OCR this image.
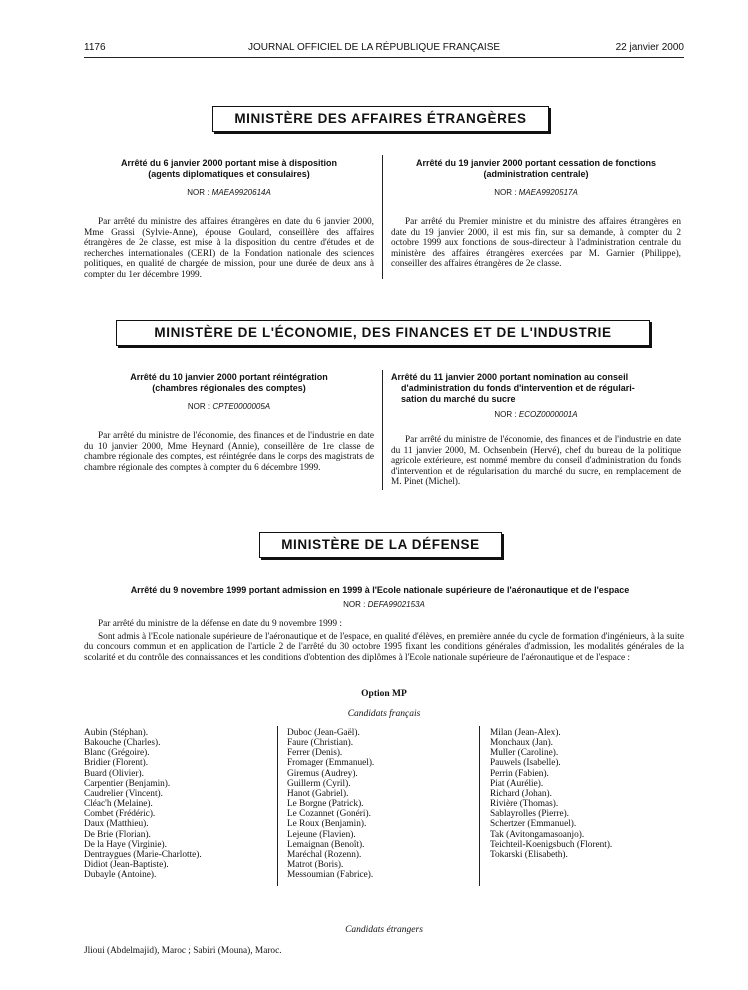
1176	JOURNAL OFFICIEL DE LA RÉPUBLIQUE FRANÇAISE	22 janvier 2000
MINISTÈRE DES AFFAIRES ÉTRANGÈRES
Arrêté du 6 janvier 2000 portant mise à disposition
(agents diplomatiques et consulaires)
NOR : MAEA9920614A

Par arrêté du ministre des affaires étrangères en date du 6 janvier 2000, Mme Grassi (Sylvie-Anne), épouse Goulard, conseillère des affaires étrangères de 2e classe, est mise à la disposition du centre d'études et de recherches internationales (CERI) de la Fondation nationale des sciences politiques, en qualité de chargée de mission, pour une durée de deux ans à compter du 1er décembre 1999.

Arrêté du 19 janvier 2000 portant cessation de fonctions
(administration centrale)
NOR : MAEA9920517A

Par arrêté du Premier ministre et du ministre des affaires étrangères en date du 19 janvier 2000, il est mis fin, sur sa demande, à compter du 2 octobre 1999 aux fonctions de sous-directeur à l'administration centrale du ministère des affaires étrangères exercées par M. Garnier (Philippe), conseiller des affaires étrangères de 2e classe.

MINISTÈRE DE L'ÉCONOMIE, DES FINANCES ET DE L'INDUSTRIE
Arrêté du 10 janvier 2000 portant réintégration
(chambres régionales des comptes)
NOR : CPTE0000005A

Par arrêté du ministre de l'économie, des finances et de l'industrie en date du 10 janvier 2000, Mme Heynard (Annie), conseillère de 1re classe de chambre régionale des comptes, est réintégrée dans le corps des magistrats de chambre régionale des comptes à compter du 6 décembre 1999.

Arrêté du 11 janvier 2000 portant nomination au conseil
d'administration du fonds d'intervention et de régulari-
sation du marché du sucre
NOR : ECOZ0000001A

Par arrêté du ministre de l'économie, des finances et de l'industrie en date du 11 janvier 2000, M. Ochsenbein (Hervé), chef du bureau de la politique agricole extérieure, est nommé membre du conseil d'administration du fonds d'intervention et de régularisation du marché du sucre, en remplacement de M. Pinet (Michel).

MINISTÈRE DE LA DÉFENSE
Arrêté du 9 novembre 1999 portant admission en 1999 à l'Ecole nationale supérieure de l'aéronautique et de l'espace
NOR : DEFA9902153A

Par arrêté du ministre de la défense en date du 9 novembre 1999 :

Sont admis à l'Ecole nationale supérieure de l'aéronautique et de l'espace, en qualité d'élèves, en première année du cycle de formation d'ingénieurs, à la suite du concours commun et en application de l'article 2 de l'arrêté du 30 octobre 1995 fixant les conditions générales d'admission, les modalités générales de la scolarité et du contrôle des connaissances et les conditions d'obtention des diplômes à l'Ecole nationale supérieure de l'aéronautique et de l'espace :

Option MP
Candidats français
Aubin (Stéphan).
Bakouche (Charles).
Blanc (Grégoire).
Bridier (Florent).
Buard (Olivier).
Carpentier (Benjamin).
Caudrelier (Vincent).
Cléac'h (Melaine).
Combet (Frédéric).
Daux (Matthieu).
De Brie (Florian).
De la Haye (Virginie).
Dentraygues (Marie-Charlotte).
Didiot (Jean-Baptiste).
Dubayle (Antoine).
Duboc (Jean-Gaël).
Faure (Christian).
Ferrer (Denis).
Fromager (Emmanuel).
Giremus (Audrey).
Guillerm (Cyril).
Hanot (Gabriel).
Le Borgne (Patrick).
Le Cozannet (Gonéri).
Le Roux (Benjamin).
Lejeune (Flavien).
Lemaignan (Benoît).
Maréchal (Rozenn).
Matrot (Boris).
Messoumian (Fabrice).
Milan (Jean-Alex).
Monchaux (Jan).
Muller (Caroline).
Pauwels (Isabelle).
Perrin (Fabien).
Piat (Aurélie).
Richard (Johan).
Rivière (Thomas).
Sablayrolles (Pierre).
Schertzer (Emmanuel).
Tak (Avitongamasoanjo).
Teichteil-Koenigsbuch (Florent).
Tokarski (Elisabeth).
Candidats étrangers
Jlioui (Abdelmajid), Maroc ; Sabiri (Mouna), Maroc.
